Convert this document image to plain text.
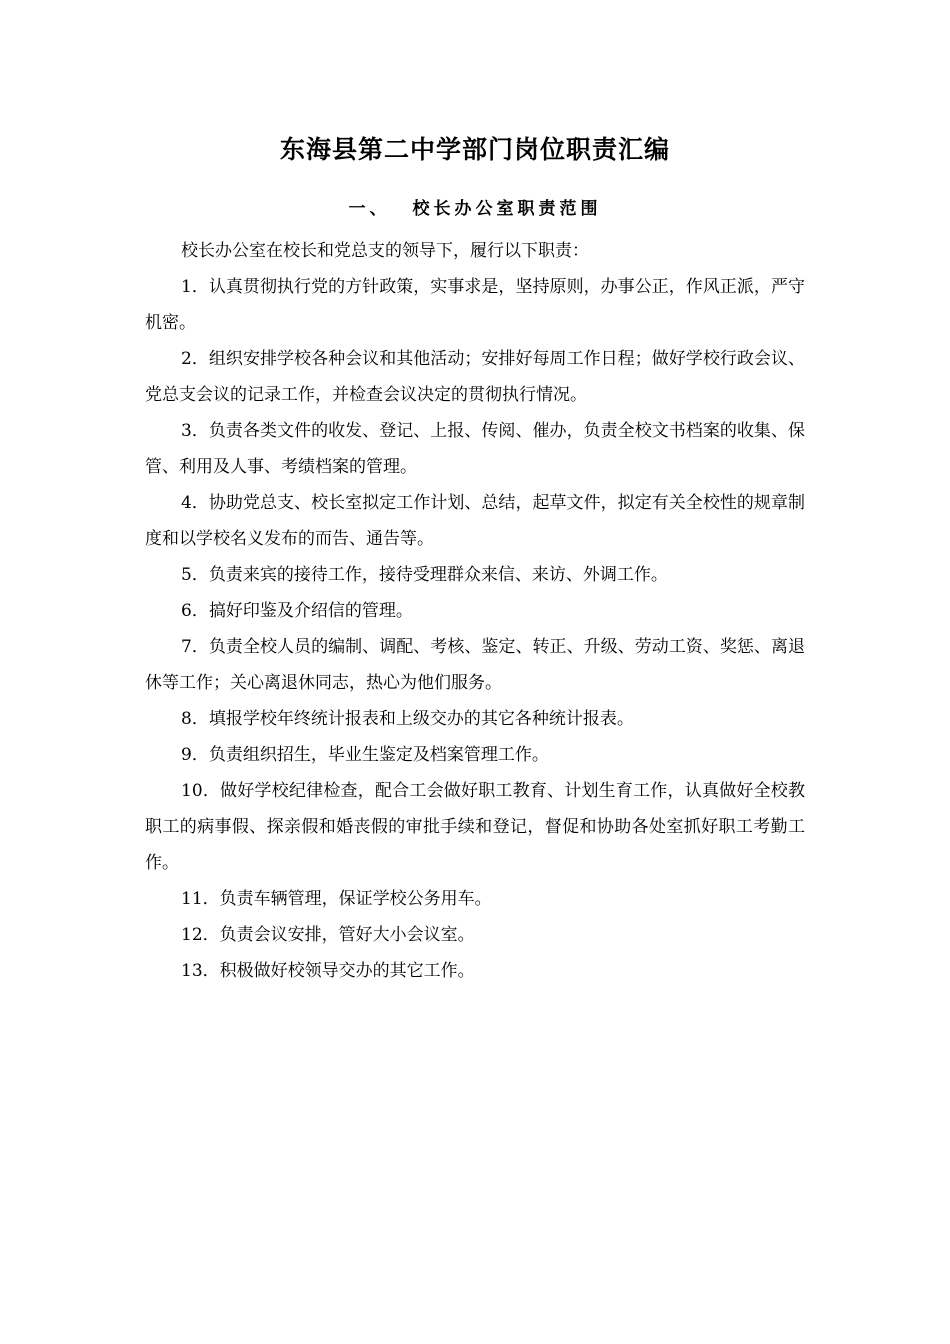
东海县第二中学部门岗位职责汇编
一、 校长办公室职责范围

校长办公室在校长和党总支的领导下，履行以下职责：

1．认真贯彻执行党的方针政策，实事求是，坚持原则，办事公正，作风正派，严守机密。

2．组织安排学校各种会议和其他活动；安排好每周工作日程；做好学校行政会议、党总支会议的记录工作，并检查会议决定的贯彻执行情况。

3．负责各类文件的收发、登记、上报、传阅、催办，负责全校文书档案的收集、保管、利用及人事、考绩档案的管理。

4．协助党总支、校长室拟定工作计划、总结，起草文件，拟定有关全校性的规章制度和以学校名义发布的而告、通告等。

5．负责来宾的接待工作，接待受理群众来信、来访、外调工作。

6．搞好印鉴及介绍信的管理。

7．负责全校人员的编制、调配、考核、鉴定、转正、升级、劳动工资、奖惩、离退休等工作；关心离退休同志，热心为他们服务。

8．填报学校年终统计报表和上级交办的其它各种统计报表。

9．负责组织招生，毕业生鉴定及档案管理工作。

10．做好学校纪律检查，配合工会做好职工教育、计划生育工作，认真做好全校教职工的病事假、探亲假和婚丧假的审批手续和登记，督促和协助各处室抓好职工考勤工作。

11．负责车辆管理，保证学校公务用车。

12．负责会议安排，管好大小会议室。

13．积极做好校领导交办的其它工作。
